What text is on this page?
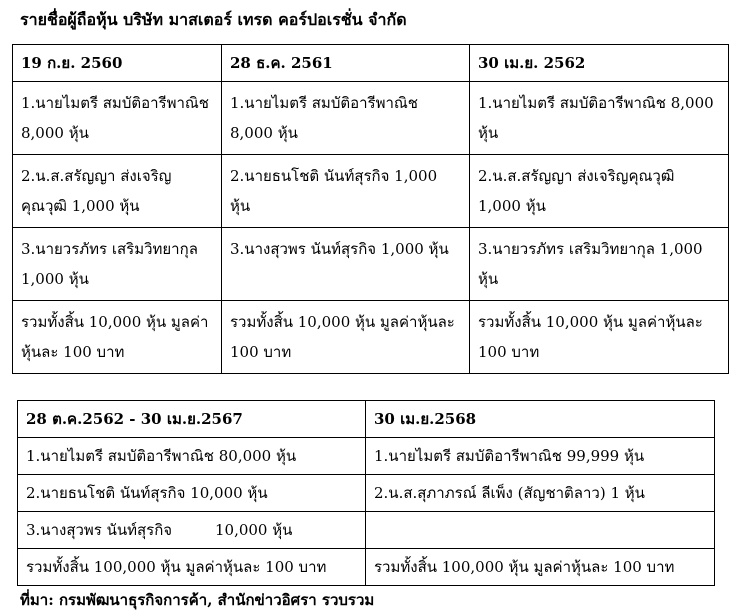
รายชื่อผู้ถือหุ้น บริษัท มาสเตอร์ เทรด คอร์ปอเรชั่น จำกัด
19 ก.ย. 2560	28 ธ.ค. 2561	30 เม.ย. 2562
1.นายไมตรี สมบัติอารีพาณิช 8,000 หุ้น	1.นายไมตรี สมบัติอารีพาณิช 8,000 หุ้น	1.นายไมตรี สมบัติอารีพาณิช 8,000 หุ้น
2.น.ส.สรัญญา ส่งเจริญคุณวุฒิ 1,000 หุ้น	2.นายธนโชติ นันท์สุรกิจ 1,000 หุ้น	2.น.ส.สรัญญา ส่งเจริญคุณวุฒิ 1,000 หุ้น
3.นายวรภัทร เสริมวิทยากุล 1,000 หุ้น	3.นางสุวพร นันท์สุรกิจ 1,000 หุ้น	3.นายวรภัทร เสริมวิทยากุล 1,000 หุ้น
รวมทั้งสิ้น 10,000 หุ้น มูลค่าหุ้นละ 100 บาท	รวมทั้งสิ้น 10,000 หุ้น มูลค่าหุ้นละ 100 บาท	รวมทั้งสิ้น 10,000 หุ้น มูลค่าหุ้นละ 100 บาท
28 ต.ค.2562 - 30 เม.ย.2567	30 เม.ย.2568
1.นายไมตรี สมบัติอารีพาณิช 80,000 หุ้น	1.นายไมตรี สมบัติอารีพาณิช 99,999 หุ้น
2.นายธนโชติ นันท์สุรกิจ 10,000 หุ้น	2.น.ส.สุภาภรณ์ ลีเพ็ง (สัญชาติลาว) 1 หุ้น
3.นางสุวพร นันท์สุรกิจ         10,000 หุ้น	
รวมทั้งสิ้น 100,000 หุ้น มูลค่าหุ้นละ 100 บาท	รวมทั้งสิ้น 100,000 หุ้น มูลค่าหุ้นละ 100 บาท
ที่มา: กรมพัฒนาธุรกิจการค้า, สำนักข่าวอิศรา รวบรวม
